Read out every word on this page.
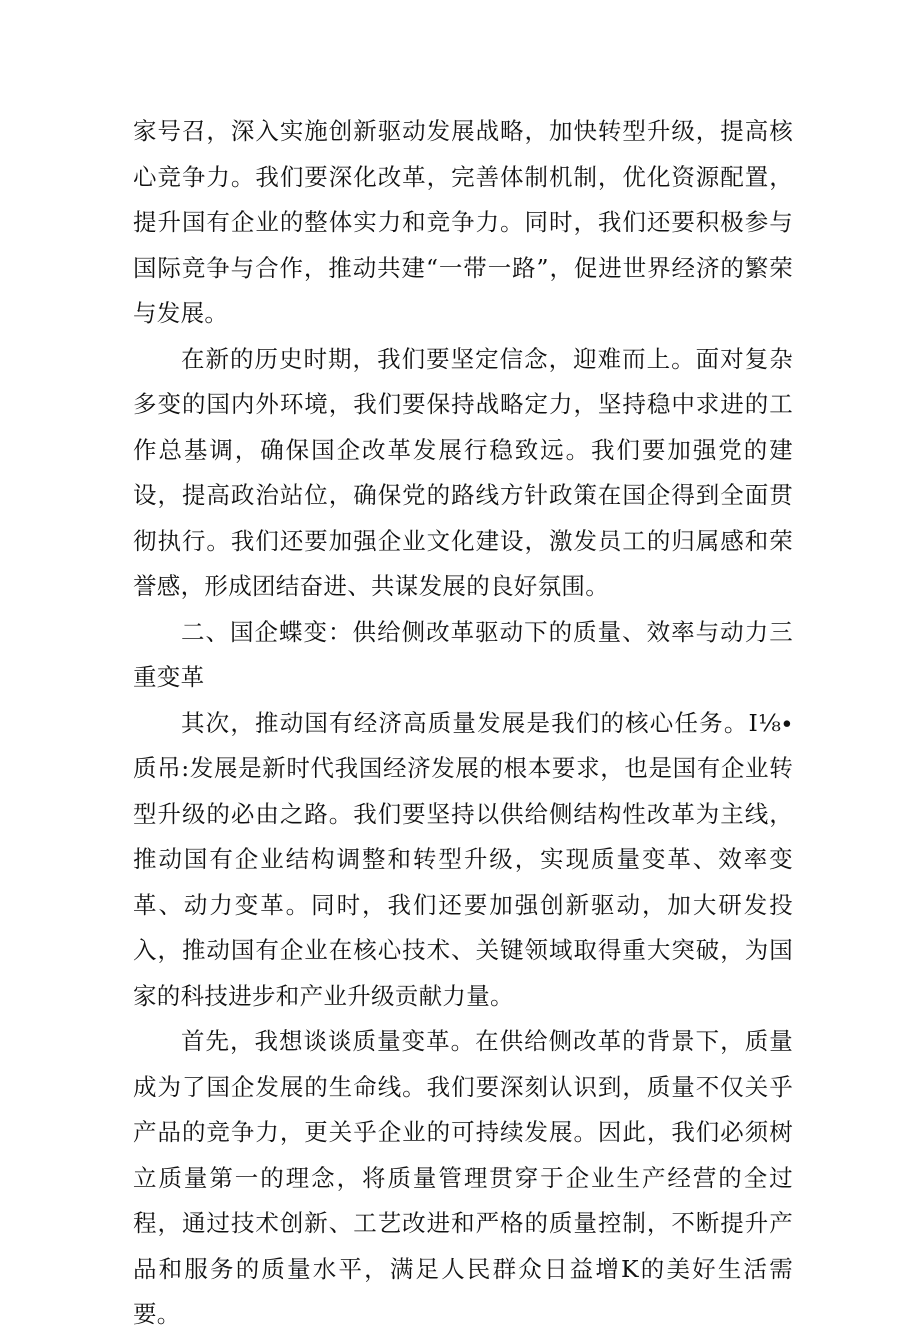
家号召，深入实施创新驱动发展战略，加快转型升级，提高核心竞争力。我们要深化改革，完善体制机制，优化资源配置，提升国有企业的整体实力和竞争力。同时，我们还要积极参与国际竞争与合作，推动共建“一带一路”，促进世界经济的繁荣与发展。

在新的历史时期，我们要坚定信念，迎难而上。面对复杂多变的国内外环境，我们要保持战略定力，坚持稳中求进的工作总基调，确保国企改革发展行稳致远。我们要加强党的建设，提高政治站位，确保党的路线方针政策在国企得到全面贯彻执行。我们还要加强企业文化建设，激发员工的归属感和荣誉感，形成团结奋进、共谋发展的良好氛围。

二、国企蝶变：供给侧改革驱动下的质量、效率与动力三重变革

其次，推动国有经济高质量发展是我们的核心任务。I⅛∙质吊:发展是新时代我国经济发展的根本要求，也是国有企业转型升级的必由之路。我们要坚持以供给侧结构性改革为主线，推动国有企业结构调整和转型升级，实现质量变革、效率变革、动力变革。同时，我们还要加强创新驱动，加大研发投入，推动国有企业在核心技术、关键领域取得重大突破，为国家的科技进步和产业升级贡献力量。

首先，我想谈谈质量变革。在供给侧改革的背景下，质量成为了国企发展的生命线。我们要深刻认识到，质量不仅关乎产品的竞争力，更关乎企业的可持续发展。因此，我们必须树立质量第一的理念，将质量管理贯穿于企业生产经营的全过程，通过技术创新、工艺改进和严格的质量控制，不断提升产品和服务的质量水平，满足人民群众日益增K的美好生活需要。
